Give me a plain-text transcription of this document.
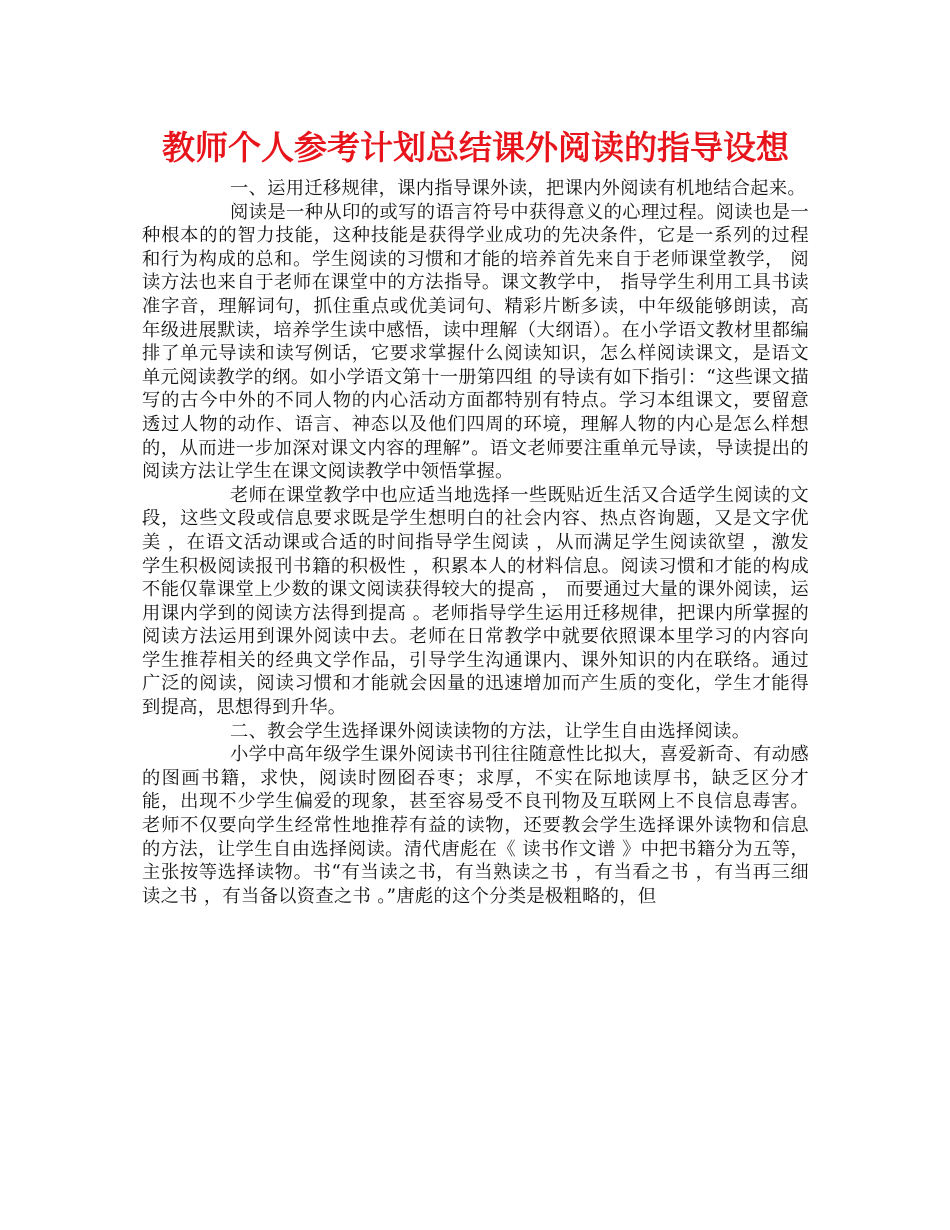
教师个人参考计划总结课外阅读的指导设想

一、运用迁移规律，课内指导课外读，把课内外阅读有机地结合起来。

阅读是一种从印的或写的语言符号中获得意义的心理过程。阅读也是一种根本的的智力技能，这种技能是获得学业成功的先决条件，它是一系列的过程和行为构成的总和。学生阅读的习惯和才能的培养首先来自于老师课堂教学， 阅读方法也来自于老师在课堂中的方法指导。课文教学中， 指导学生利用工具书读准字音，理解词句，抓住重点或优美词句、精彩片断多读，中年级能够朗读，高年级进展默读，培养学生读中感悟，读中理解（大纲语）。在小学语文教材里都编排了单元导读和读写例话，它要求掌握什么阅读知识，怎么样阅读课文，是语文单元阅读教学的纲。如小学语文第十一册第四组 的导读有如下指引：“这些课文描写的古今中外的不同人物的内心活动方面都特别有特点。学习本组课文，要留意透过人物的动作、语言、神态以及他们四周的环境，理解人物的内心是怎么样想的，从而进一步加深对课文内容的理解”。语文老师要注重单元导读，导读提出的阅读方法让学生在课文阅读教学中领悟掌握。

老师在课堂教学中也应适当地选择一些既贴近生活又合适学生阅读的文段，这些文段或信息要求既是学生想明白的社会内容、热点咨询题，又是文字优美 ，在语文活动课或合适的时间指导学生阅读 ，从而满足学生阅读欲望 ，激发学生积极阅读报刊书籍的积极性 ，积累本人的材料信息。阅读习惯和才能的构成不能仅靠课堂上少数的课文阅读获得较大的提高 ， 而要通过大量的课外阅读，运用课内学到的阅读方法得到提高 。老师指导学生运用迁移规律，把课内所掌握的阅读方法运用到课外阅读中去。老师在日常教学中就要依照课本里学习的内容向学生推荐相关的经典文学作品，引导学生沟通课内、课外知识的内在联络。通过广泛的阅读，阅读习惯和才能就会因量的迅速增加而产生质的变化，学生才能得到提高，思想得到升华。

二、教会学生选择课外阅读读物的方法，让学生自由选择阅读。

小学中高年级学生课外阅读书刊往往随意性比拟大，喜爱新奇、有动感的图画书籍，求快，阅读时囫囵吞枣；求厚，不实在际地读厚书，缺乏区分才能，出现不少学生偏爱的现象，甚至容易受不良刊物及互联网上不良信息毒害。老师不仅要向学生经常性地推荐有益的读物，还要教会学生选择课外读物和信息的方法，让学生自由选择阅读。清代唐彪在《 读书作文谱 》中把书籍分为五等，主张按等选择读物。书“有当读之书，有当熟读之书 ，有当看之书 ，有当再三细读之书 ，有当备以资查之书 。”唐彪的这个分类是极粗略的，但
